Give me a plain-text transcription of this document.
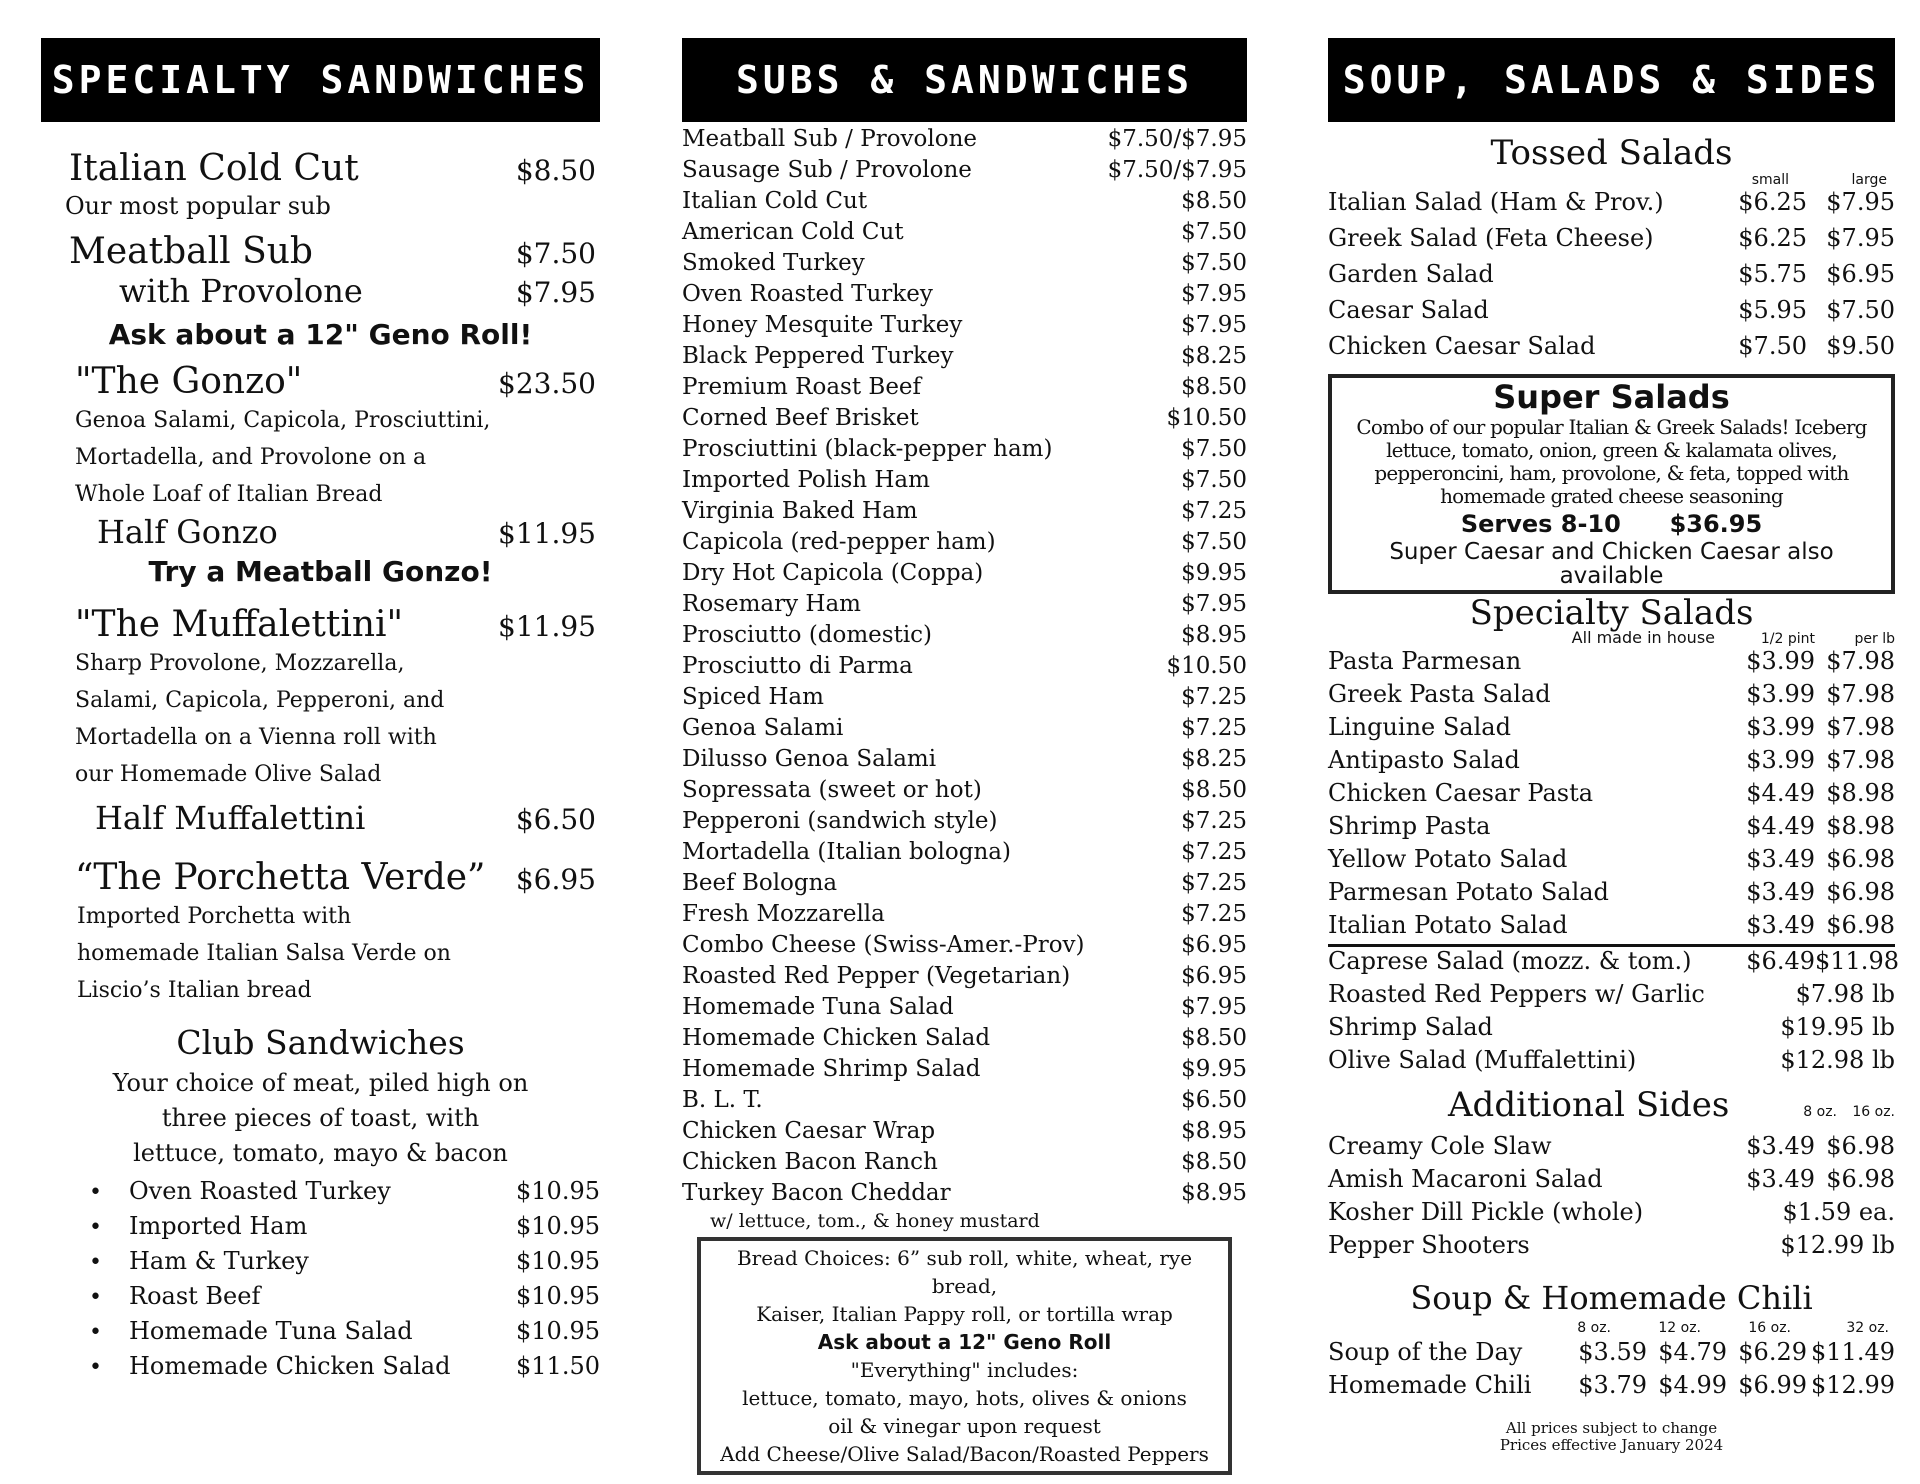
SPECIALTY SANDWICHES
Italian Cold Cut	$8.50
Our most popular sub
Meatball Sub	$7.50
with Provolone	$7.95
Ask about a 12" Geno Roll!
"The Gonzo"	$23.50
Genoa Salami, Capicola, Prosciuttini,
Mortadella, and Provolone on a
Whole Loaf of Italian Bread
Half Gonzo	$11.95
Try a Meatball Gonzo!
"The Muffalettini"	$11.95
Sharp Provolone, Mozzarella,
Salami, Capicola, Pepperoni, and
Mortadella on a Vienna roll with
our Homemade Olive Salad
Half Muffalettini	$6.50
“The Porchetta Verde” $6.95
Imported Porchetta with
homemade Italian Salsa Verde on
Liscio’s Italian bread
Club Sandwiches
Your choice of meat, piled high on
three pieces of toast, with
lettuce, tomato, mayo & bacon
•	Oven Roasted Turkey	$10.95
•	Imported Ham	$10.95
•	Ham & Turkey	$10.95
•	Roast Beef	$10.95
•	Homemade Tuna Salad	$10.95
•	Homemade Chicken Salad	$11.50
SUBS & SANDWICHES
Meatball Sub / Provolone	$7.50/$7.95
Sausage Sub / Provolone	$7.50/$7.95
Italian Cold Cut	$8.50
American Cold Cut	$7.50
Smoked Turkey	$7.50
Oven Roasted Turkey	$7.95
Honey Mesquite Turkey	$7.95
Black Peppered Turkey	$8.25
Premium Roast Beef	$8.50
Corned Beef Brisket	$10.50
Prosciuttini (black-pepper ham)	$7.50
Imported Polish Ham	$7.50
Virginia Baked Ham	$7.25
Capicola (red-pepper ham)	$7.50
Dry Hot Capicola (Coppa)	$9.95
Rosemary Ham	$7.95
Prosciutto (domestic)	$8.95
Prosciutto di Parma	$10.50
Spiced Ham	$7.25
Genoa Salami	$7.25
Dilusso Genoa Salami	$8.25
Sopressata (sweet or hot)	$8.50
Pepperoni (sandwich style)	$7.25
Mortadella (Italian bologna)	$7.25
Beef Bologna	$7.25
Fresh Mozzarella	$7.25
Combo Cheese (Swiss-Amer.-Prov)	$6.95
Roasted Red Pepper (Vegetarian)	$6.95
Homemade Tuna Salad	$7.95
Homemade Chicken Salad	$8.50
Homemade Shrimp Salad	$9.95
B. L. T.	$6.50
Chicken Caesar Wrap	$8.95
Chicken Bacon Ranch	$8.50
Turkey Bacon Cheddar	$8.95
w/ lettuce, tom., & honey mustard
Bread Choices: 6” sub roll, white, wheat, rye bread,
Kaiser, Italian Pappy roll, or tortilla wrap
Ask about a 12" Geno Roll
"Everything" includes:
lettuce, tomato, mayo, hots, olives & onions
oil & vinegar upon request
Add Cheese/Olive Salad/Bacon/Roasted Peppers
SOUP, SALADS & SIDES
Tossed Salads
small	large
Italian Salad (Ham & Prov.)	$6.25 $7.95
Greek Salad (Feta Cheese)	$6.25 $7.95
Garden Salad	$5.75 $6.95
Caesar Salad	$5.95 $7.50
Chicken Caesar Salad	$7.50 $9.50
Super Salads
Combo of our popular Italian & Greek Salads! Iceberg lettuce, tomato, onion, green & kalamata olives, pepperoncini, ham, provolone, & feta, topped with homemade grated cheese seasoning
Serves 8-10 $36.95
Super Caesar and Chicken Caesar also available
Specialty Salads
All made in house	1/2 pint	per lb
Pasta Parmesan	$3.99 $7.98
Greek Pasta Salad	$3.99 $7.98
Linguine Salad	$3.99 $7.98
Antipasto Salad	$3.99 $7.98
Chicken Caesar Pasta	$4.49 $8.98
Shrimp Pasta	$4.49 $8.98
Yellow Potato Salad	$3.49 $6.98
Parmesan Potato Salad	$3.49 $6.98
Italian Potato Salad	$3.49 $6.98
Caprese Salad (mozz. & tom.)	$6.49 $11.98
Roasted Red Peppers w/ Garlic	$7.98 lb
Shrimp Salad	$19.95 lb
Olive Salad (Muffalettini)	$12.98 lb
Additional Sides	8 oz.	16 oz.
Creamy Cole Slaw	$3.49 $6.98
Amish Macaroni Salad	$3.49 $6.98
Kosher Dill Pickle (whole)	$1.59 ea.
Pepper Shooters	$12.99 lb
Soup & Homemade Chili
8 oz.	12 oz.	16 oz.	32 oz.
Soup of the Day	$3.59 $4.79 $6.29 $11.49
Homemade Chili	$3.79 $4.99 $6.99 $12.99
All prices subject to change
Prices effective January 2024
